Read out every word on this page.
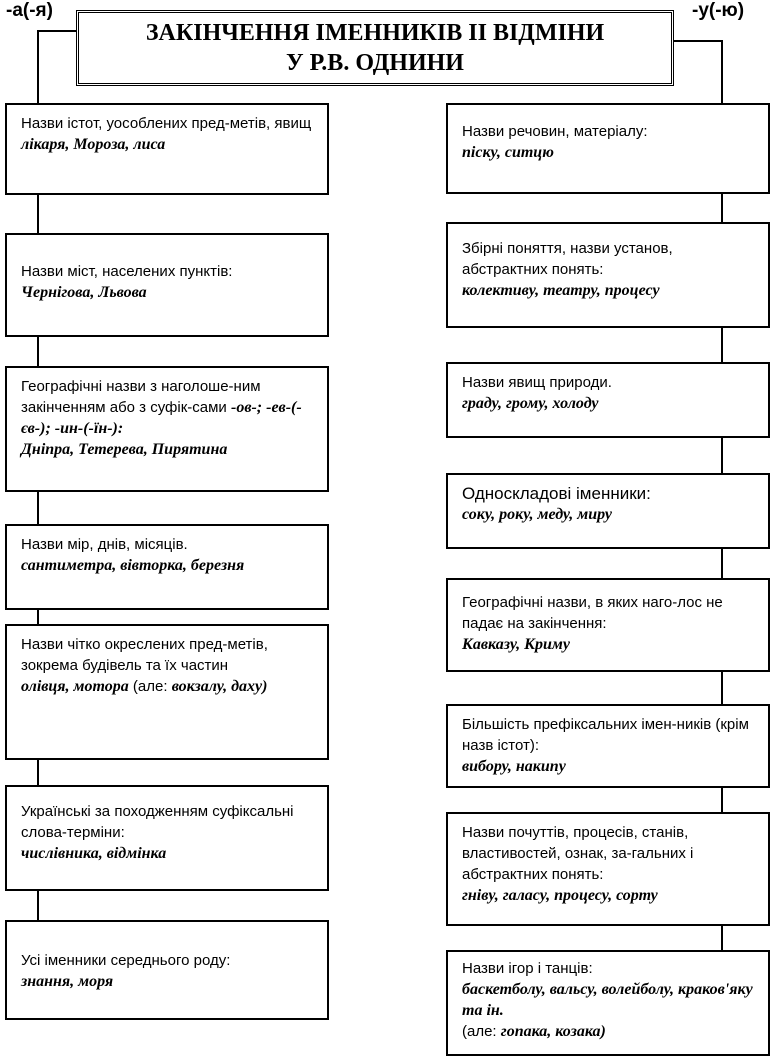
-а(-я)	-у(-ю)
ЗАКІНЧЕННЯ ІМЕННИКІВ ІІ ВІДМІНИ
У Р.В. ОДНИНИ
Назви істот, уособлених пред-метів, явищ
лікаря, Мороза, лиса
Назви міст, населених пунктів:
Чернігова, Львова
Географічні назви з наголоше-ним закінченням або з суфік-сами -ов-; -ев-(-єв-); -ин-(-їн-):
Дніпра, Тетерева, Пирятина
Назви мір, днів, місяців.
сантиметра, вівторка, березня
Назви чітко окреслених пред-метів, зокрема будівель та їх частин
олівця, мотора (але: вокзалу, даху)
Українські за походженням суфіксальні слова-терміни:
числівника, відмінка
Усі іменники середнього роду:
знання, моря
Назви речовин, матеріалу:
піску, ситцю
Збірні поняття, назви установ, абстрактних понять:
колективу, театру, процесу
Назви явищ природи.
граду, грому, холоду
Односкладові іменники:
соку, року, меду, миру
Географічні назви, в яких наго-лос не падає на закінчення:
Кавказу, Криму
Більшість префіксальних імен-ників (крім назв істот):
вибору, накипу
Назви почуттів, процесів, станів, властивостей, ознак, за-гальних і абстрактних понять:
гніву, галасу, процесу, сорту
Назви ігор і танців:
баскетболу, вальсу, волейболу, краков'яку та ін.
(але: гопака, козака)
